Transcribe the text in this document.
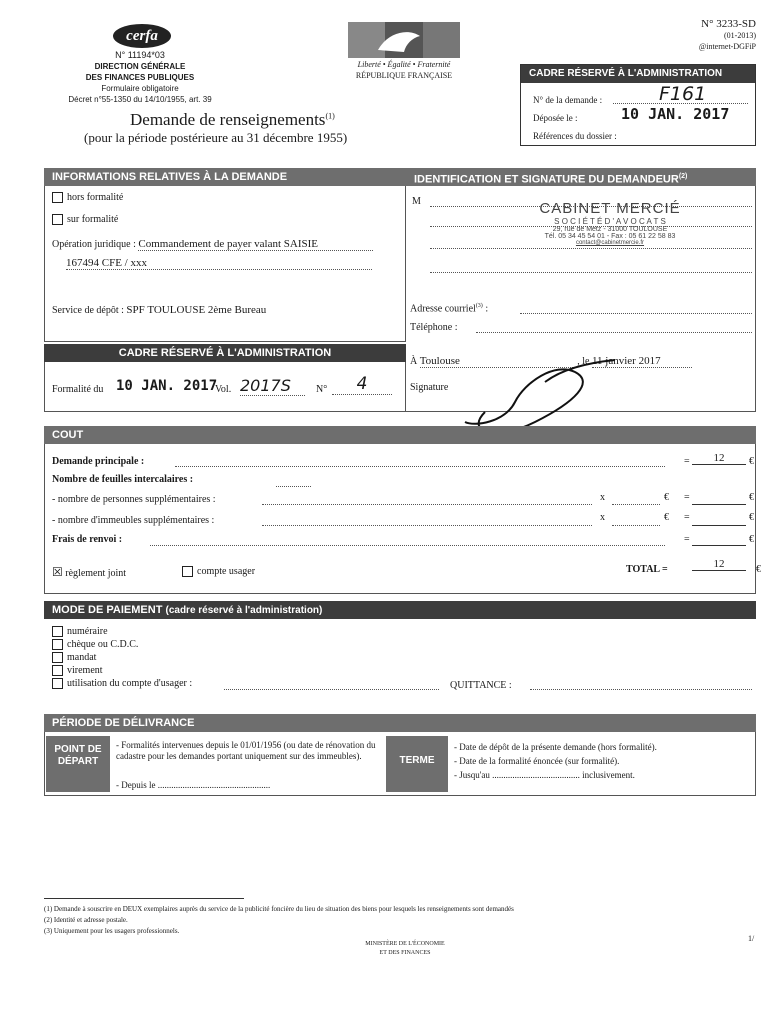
cerfa
N° 11194*03
DIRECTION GÉNÉRALE
DES FINANCES PUBLIQUES
Formulaire obligatoire
Décret n°55-1350 du 14/10/1955, art. 39
Liberté • Égalité • Fraternité
RÉPUBLIQUE FRANÇAISE
N° 3233-SD
(01-2013)
@internet-DGFiP
Demande de renseignements$^{(1)}$
(pour la période postérieure au 31 décembre 1955)
CADRE RÉSERVÉ À L'ADMINISTRATION
N° de la demande :	F161
Déposée le :	10 JAN. 2017
Références du dossier :
INFORMATIONS RELATIVES À LA DEMANDE	IDENTIFICATION ET SIGNATURE DU DEMANDEUR$^{(2)}$
hors formalité
sur formalité
Opération juridique : Commandement de payer valant SAISIE
167494 CFE / xxx
Service de dépôt : SPF TOULOUSE 2ème Bureau
M	CABINET MERCIÉ
S O C I É T É D ' A V O C A T S
29, rue de Metz - 31000 TOULOUSE
Tél. 05 34 45 54 01 - Fax : 05 61 22 58 83
contact@cabinetmercie.fr
Adresse courriel$^{(3)}$ :
Téléphone :
À Toulouse	, le 11 janvier 2017
Signature
CADRE RÉSERVÉ À L'ADMINISTRATION
Formalité du 10 JAN. 2017
Vol. 2017S	N°	4
COUT
Demande principale :	=	12	€
Nombre de feuilles intercalaires :
- nombre de personnes supplémentaires :	x	€ =	€
- nombre d'immeubles supplémentaires :	x	€ =	€
Frais de renvoi :	=	€
☒ règlement joint	compte usager	TOTAL =	12	€
MODE DE PAIEMENT (cadre réservé à l'administration)
numéraire
chèque ou C.D.C.
mandat
virement
utilisation du compte d'usager :	QUITTANCE :
PÉRIODE DE DÉLIVRANCE
POINT DE DÉPART
- Formalités intervenues depuis le 01/01/1956 (ou date de rénovation du cadastre pour les demandes portant uniquement sur des immeubles).
- Depuis le ..................................................
TERME
- Date de dépôt de la présente demande (hors formalité).
- Date de la formalité énoncée (sur formalité).
- Jusqu'au ....................................... inclusivement.
(1) Demande à souscrire en DEUX exemplaires auprès du service de la publicité foncière du lieu de situation des biens pour lesquels les renseignements sont demandés
(2) Identité et adresse postale.
(3) Uniquement pour les usagers professionnels.
MINISTÈRE DE L'ÉCONOMIE
ET DES FINANCES
1/
